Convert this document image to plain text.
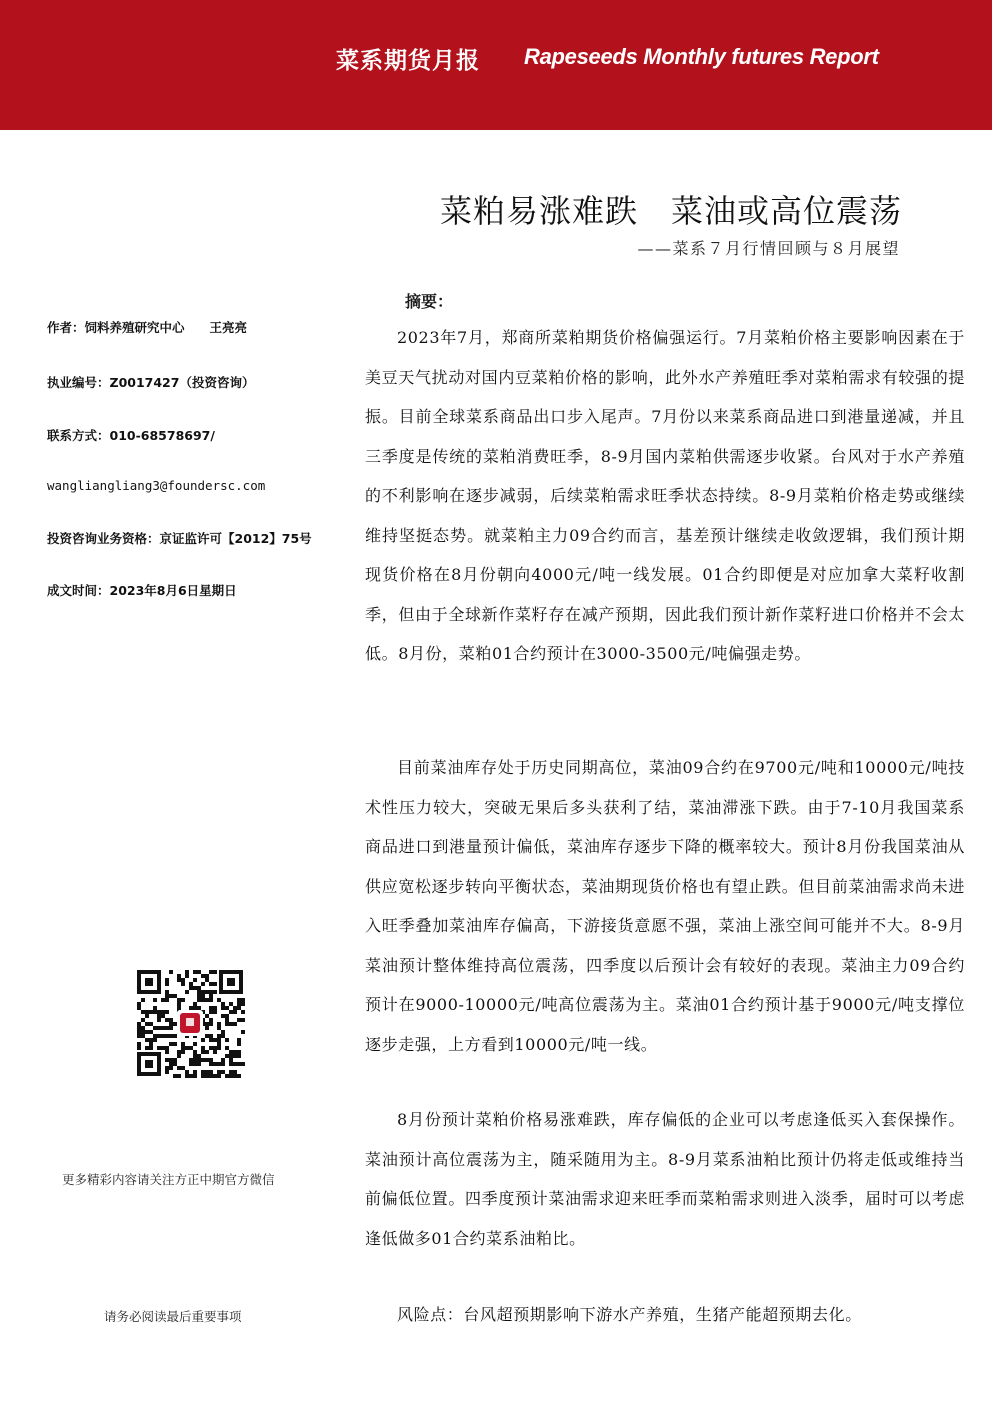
菜系期货月报 Rapeseeds Monthly futures Report
菜粕易涨难跌　菜油或高位震荡
——菜系７月行情回顾与８月展望
作者：饲料养殖研究中心　　王亮亮
执业编号：Z0017427（投资咨询）
联系方式：010-68578697/
wangliangliang3@foundersc.com
投资咨询业务资格：京证监许可【2012】75号
成文时间：2023年8月6日星期日
更多精彩内容请关注方正中期官方微信
请务必阅读最后重要事项
摘要：

2023年7月，郑商所菜粕期货价格偏强运行。7月菜粕价格主要影响因素在于美豆天气扰动对国内豆菜粕价格的影响，此外水产养殖旺季对菜粕需求有较强的提振。目前全球菜系商品出口步入尾声。7月份以来菜系商品进口到港量递减，并且三季度是传统的菜粕消费旺季，8-9月国内菜粕供需逐步收紧。台风对于水产养殖的不利影响在逐步减弱，后续菜粕需求旺季状态持续。8-9月菜粕价格走势或继续维持坚挺态势。就菜粕主力09合约而言，基差预计继续走收敛逻辑，我们预计期现货价格在8月份朝向4000元/吨一线发展。01合约即便是对应加拿大菜籽收割季，但由于全球新作菜籽存在减产预期，因此我们预计新作菜籽进口价格并不会太低。8月份，菜粕01合约预计在3000-3500元/吨偏强走势。

目前菜油库存处于历史同期高位，菜油09合约在9700元/吨和10000元/吨技术性压力较大，突破无果后多头获利了结，菜油滞涨下跌。由于7-10月我国菜系商品进口到港量预计偏低，菜油库存逐步下降的概率较大。预计8月份我国菜油从供应宽松逐步转向平衡状态，菜油期现货价格也有望止跌。但目前菜油需求尚未进入旺季叠加菜油库存偏高，下游接货意愿不强，菜油上涨空间可能并不大。8-9月菜油预计整体维持高位震荡，四季度以后预计会有较好的表现。菜油主力09合约预计在9000-10000元/吨高位震荡为主。菜油01合约预计基于9000元/吨支撑位逐步走强，上方看到10000元/吨一线。

8月份预计菜粕价格易涨难跌，库存偏低的企业可以考虑逢低买入套保操作。菜油预计高位震荡为主，随采随用为主。8-9月菜系油粕比预计仍将走低或维持当前偏低位置。四季度预计菜油需求迎来旺季而菜粕需求则进入淡季，届时可以考虑逢低做多01合约菜系油粕比。

风险点：台风超预期影响下游水产养殖，生猪产能超预期去化。
